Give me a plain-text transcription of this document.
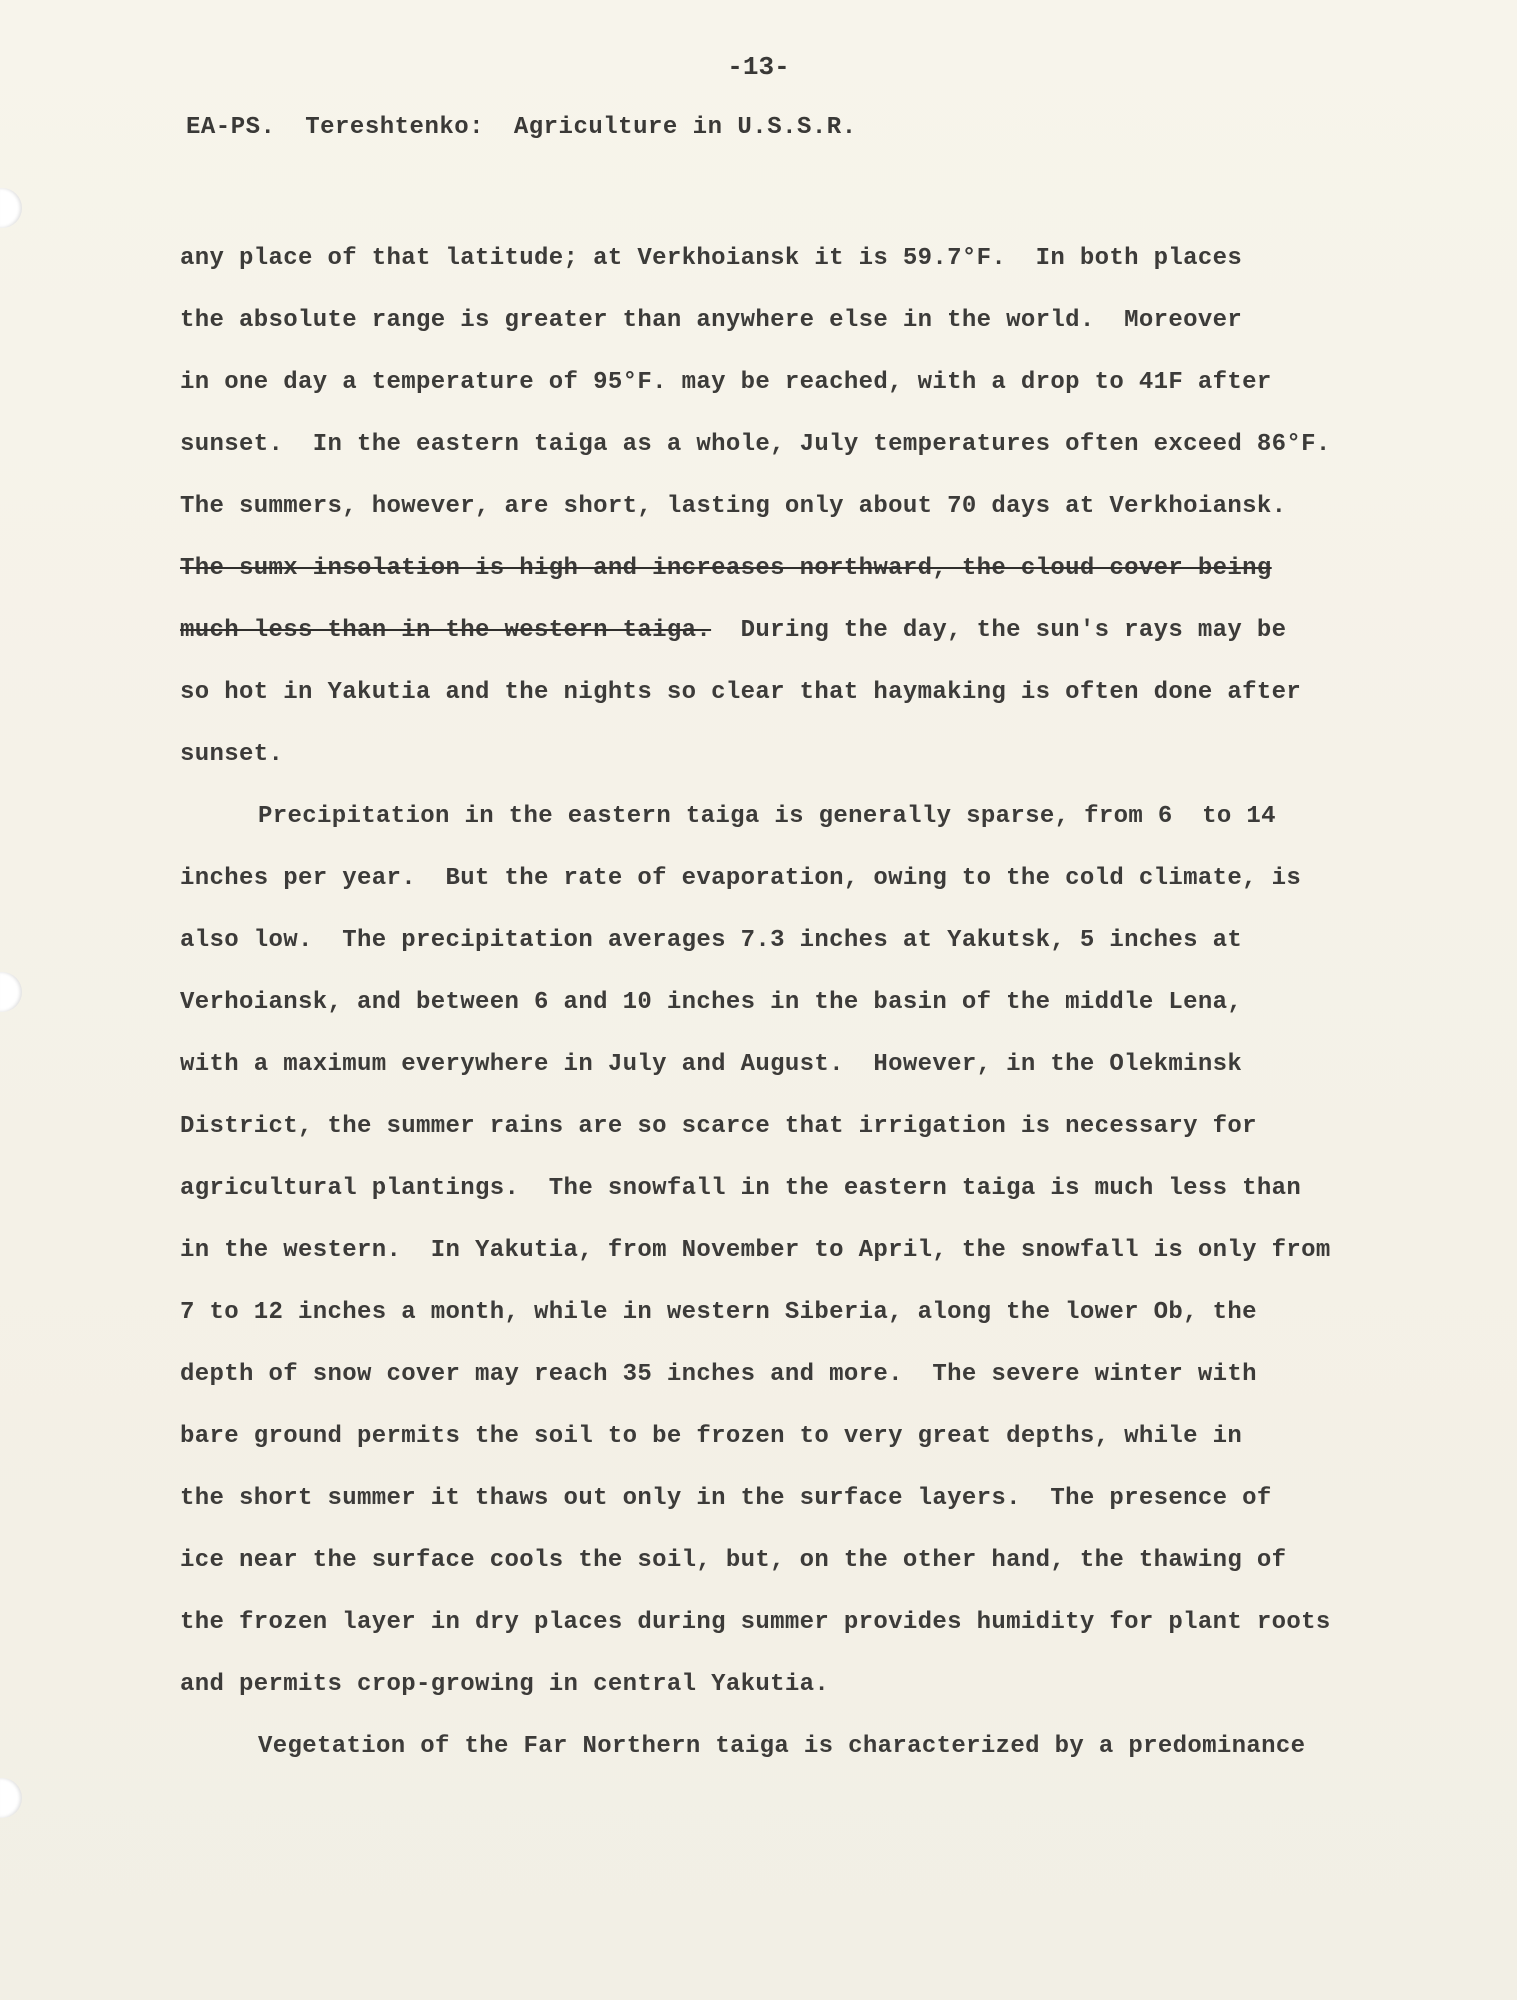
-13-
EA-PS.  Tereshtenko:  Agriculture in U.S.S.R.
any place of that latitude; at Verkhoiansk it is 59.7°F.  In both places
the absolute range is greater than anywhere else in the world.  Moreover
in one day a temperature of 95°F. may be reached, with a drop to 41F after
sunset.  In the eastern taiga as a whole, July temperatures often exceed 86°F.
The summers, however, are short, lasting only about 70 days at Verkhoiansk.
The sumx insolation is high and increases northward, the cloud cover being
much less than in the western taiga.  During the day, the sun's rays may be
so hot in Yakutia and the nights so clear that haymaking is often done after
sunset.
Precipitation in the eastern taiga is generally sparse, from 6  to 14
inches per year.  But the rate of evaporation, owing to the cold climate, is
also low.  The precipitation averages 7.3 inches at Yakutsk, 5 inches at
Verhoiansk, and between 6 and 10 inches in the basin of the middle Lena,
with a maximum everywhere in July and August.  However, in the Olekminsk
District, the summer rains are so scarce that irrigation is necessary for
agricultural plantings.  The snowfall in the eastern taiga is much less than
in the western.  In Yakutia, from November to April, the snowfall is only from
7 to 12 inches a month, while in western Siberia, along the lower Ob, the
depth of snow cover may reach 35 inches and more.  The severe winter with
bare ground permits the soil to be frozen to very great depths, while in
the short summer it thaws out only in the surface layers.  The presence of
ice near the surface cools the soil, but, on the other hand, the thawing of
the frozen layer in dry places during summer provides humidity for plant roots
and permits crop-growing in central Yakutia.
Vegetation of the Far Northern taiga is characterized by a predominance
